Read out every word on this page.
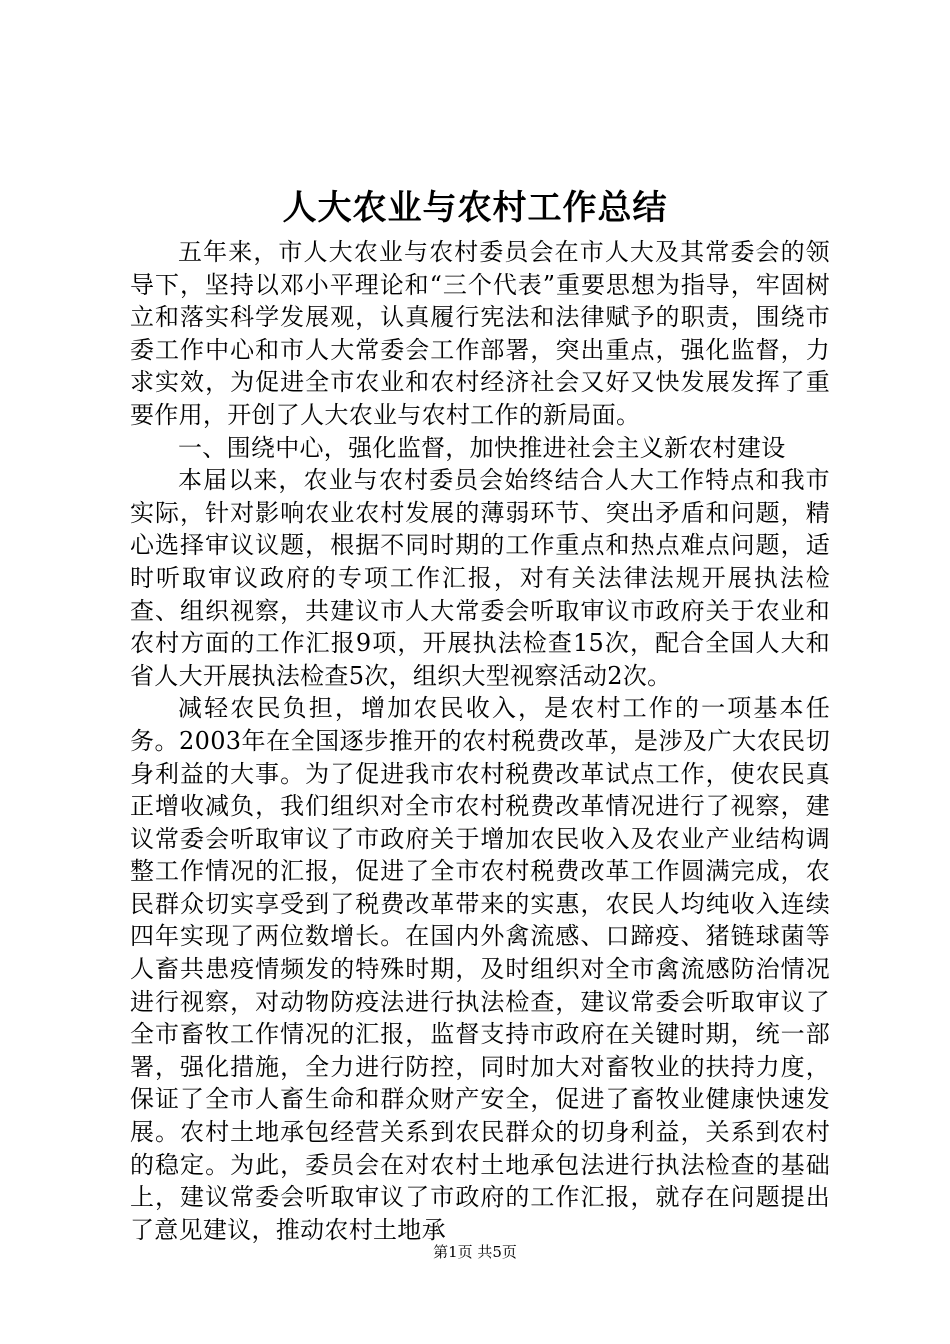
人大农业与农村工作总结

五年来，市人大农业与农村委员会在市人大及其常委会的领导下，坚持以邓小平理论和“三个代表”重要思想为指导，牢固树立和落实科学发展观，认真履行宪法和法律赋予的职责，围绕市委工作中心和市人大常委会工作部署，突出重点，强化监督，力求实效，为促进全市农业和农村经济社会又好又快发展发挥了重要作用，开创了人大农业与农村工作的新局面。

一、围绕中心，强化监督，加快推进社会主义新农村建设

本届以来，农业与农村委员会始终结合人大工作特点和我市实际，针对影响农业农村发展的薄弱环节、突出矛盾和问题，精心选择审议议题，根据不同时期的工作重点和热点难点问题，适时听取审议政府的专项工作汇报，对有关法律法规开展执法检查、组织视察，共建议市人大常委会听取审议市政府关于农业和农村方面的工作汇报9项，开展执法检查15次，配合全国人大和省人大开展执法检查5次，组织大型视察活动2次。

减轻农民负担，增加农民收入，是农村工作的一项基本任务。2003年在全国逐步推开的农村税费改革，是涉及广大农民切身利益的大事。为了促进我市农村税费改革试点工作，使农民真正增收减负，我们组织对全市农村税费改革情况进行了视察，建议常委会听取审议了市政府关于增加农民收入及农业产业结构调整工作情况的汇报，促进了全市农村税费改革工作圆满完成，农民群众切实享受到了税费改革带来的实惠，农民人均纯收入连续四年实现了两位数增长。在国内外禽流感、口蹄疫、猪链球菌等人畜共患疫情频发的特殊时期，及时组织对全市禽流感防治情况进行视察，对动物防疫法进行执法检查，建议常委会听取审议了全市畜牧工作情况的汇报，监督支持市政府在关键时期，统一部署，强化措施，全力进行防控，同时加大对畜牧业的扶持力度，保证了全市人畜生命和群众财产安全，促进了畜牧业健康快速发展。农村土地承包经营关系到农民群众的切身利益，关系到农村的稳定。为此，委员会在对农村土地承包法进行执法检查的基础上，建议常委会听取审议了市政府的工作汇报，就存在问题提出了意见建议，推动农村土地承

第1页 共5页
